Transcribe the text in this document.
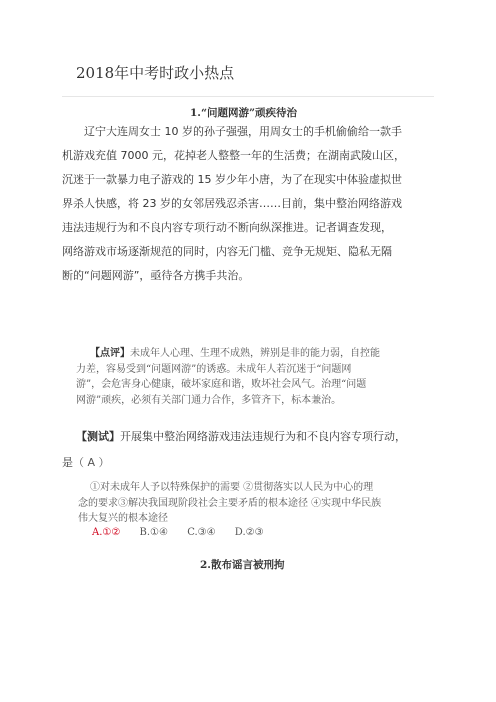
2018年中考时政小热点
1.“问题网游”顽疾待治
辽宁大连周女士 10 岁的孙子强强，用周女士的手机偷偷给一款手
机游戏充值 7000 元，花掉老人整整一年的生活费；在湖南武陵山区，
沉迷于一款暴力电子游戏的 15 岁少年小唐，为了在现实中体验虚拟世
界杀人快感，将 23 岁的女邻居残忍杀害……目前，集中整治网络游戏
违法违规行为和不良内容专项行动不断向纵深推进。记者调查发现，
网络游戏市场逐渐规范的同时，内容无门槛、竞争无规矩、隐私无隔
断的“问题网游”，亟待各方携手共治。
【点评】未成年人心理、生理不成熟，辨别是非的能力弱，自控能
力差，容易受到“问题网游”的诱惑。未成年人若沉迷于“问题网
游”，会危害身心健康，破坏家庭和谐，败坏社会风气。治理“问题
网游”顽疾，必须有关部门通力合作，多管齐下，标本兼治。
【测试】开展集中整治网络游戏违法违规行为和不良内容专项行动，
是（ A ）
①对未成年人予以特殊保护的需要 ②贯彻落实以人民为中心的理
念的要求③解决我国现阶段社会主要矛盾的根本途径 ④实现中华民族
伟大复兴的根本途径
A.①② B.①④ C.③④ D.②③
2.散布谣言被刑拘
